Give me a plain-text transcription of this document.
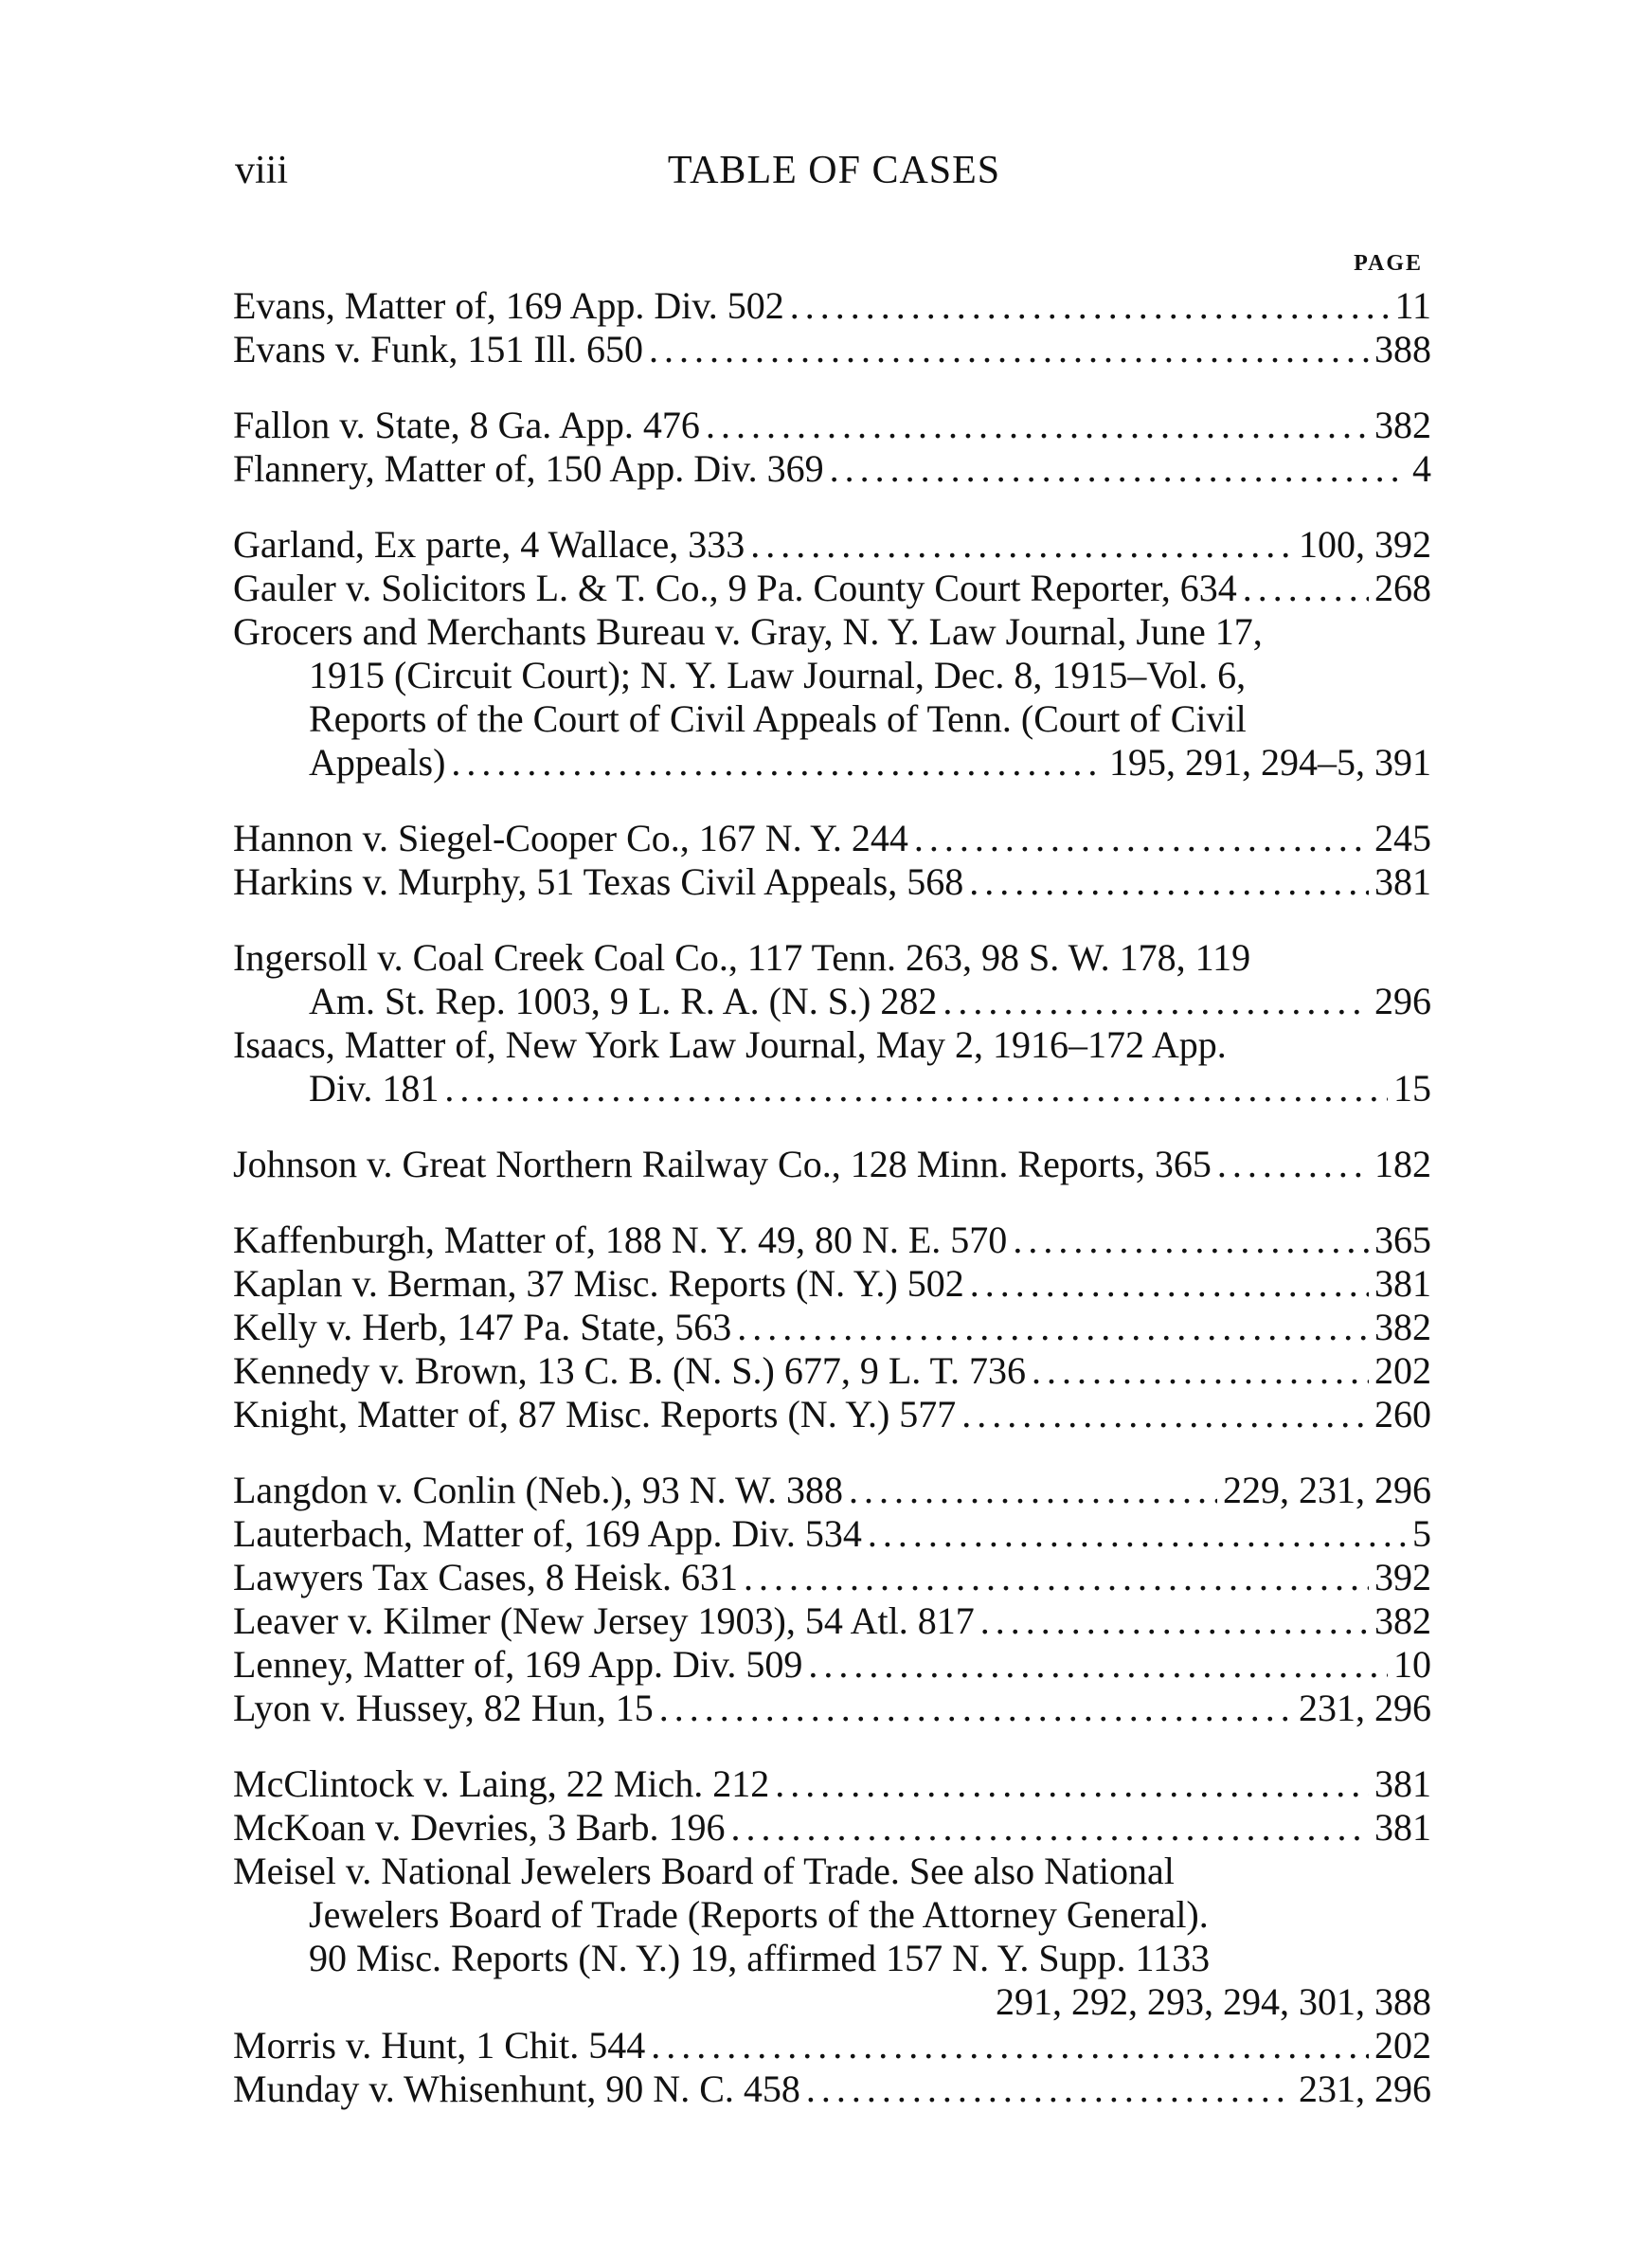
viii	TABLE OF CASES
PAGE
Evans, Matter of, 169 App. Div. 502 .....	11
Evans v. Funk, 151 Ill. 650 .....	388
Fallon v. State, 8 Ga. App. 476 .....	382
Flannery, Matter of, 150 App. Div. 369 .....	4
Garland, Ex parte, 4 Wallace, 333 .....	100, 392
Gauler v. Solicitors L. & T. Co., 9 Pa. County Court Reporter, 634 .....	268
Grocers and Merchants Bureau v. Gray, N. Y. Law Journal, June 17,
1915 (Circuit Court); N. Y. Law Journal, Dec. 8, 1915–Vol. 6,
Reports of the Court of Civil Appeals of Tenn. (Court of Civil
Appeals) .....	195, 291, 294–5, 391
Hannon v. Siegel-Cooper Co., 167 N. Y. 244 .....	245
Harkins v. Murphy, 51 Texas Civil Appeals, 568 .....	381
Ingersoll v. Coal Creek Coal Co., 117 Tenn. 263, 98 S. W. 178, 119
Am. St. Rep. 1003, 9 L. R. A. (N. S.) 282 .....	296
Isaacs, Matter of, New York Law Journal, May 2, 1916–172 App.
Div. 181 .....	15
Johnson v. Great Northern Railway Co., 128 Minn. Reports, 365 .....	182
Kaffenburgh, Matter of, 188 N. Y. 49, 80 N. E. 570 .....	365
Kaplan v. Berman, 37 Misc. Reports (N. Y.) 502 .....	381
Kelly v. Herb, 147 Pa. State, 563 .....	382
Kennedy v. Brown, 13 C. B. (N. S.) 677, 9 L. T. 736 .....	202
Knight, Matter of, 87 Misc. Reports (N. Y.) 577 .....	260
Langdon v. Conlin (Neb.), 93 N. W. 388 .....	229, 231, 296
Lauterbach, Matter of, 169 App. Div. 534 .....	5
Lawyers Tax Cases, 8 Heisk. 631 .....	392
Leaver v. Kilmer (New Jersey 1903), 54 Atl. 817 .....	382
Lenney, Matter of, 169 App. Div. 509 .....	10
Lyon v. Hussey, 82 Hun, 15 .....	231, 296
McClintock v. Laing, 22 Mich. 212 .....	381
McKoan v. Devries, 3 Barb. 196 .....	381
Meisel v. National Jewelers Board of Trade. See also National
Jewelers Board of Trade (Reports of the Attorney General).
90 Misc. Reports (N. Y.) 19, affirmed 157 N. Y. Supp. 1133
291, 292, 293, 294, 301, 388
Morris v. Hunt, 1 Chit. 544 .....	202
Munday v. Whisenhunt, 90 N. C. 458 .....	231, 296
